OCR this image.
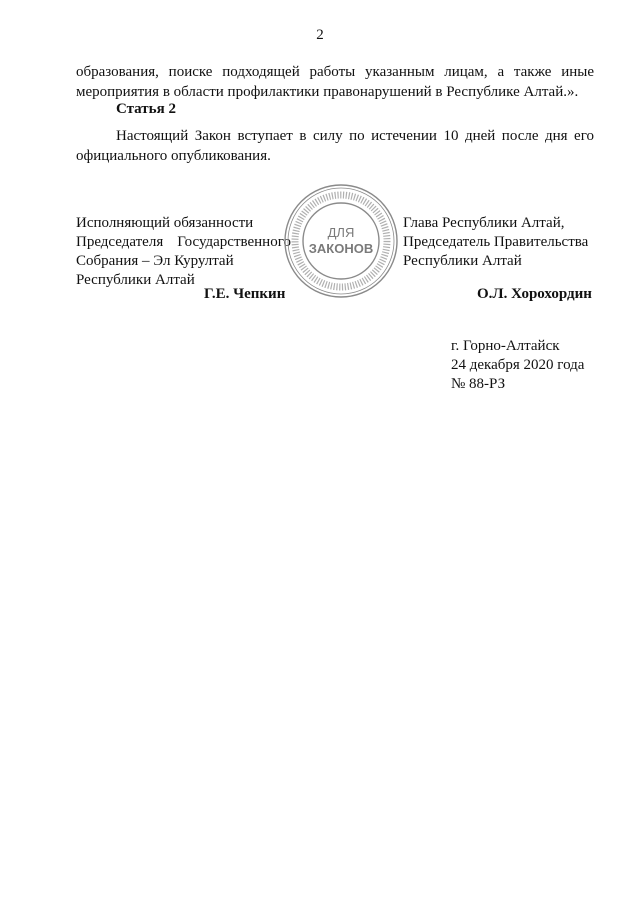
2
образования, поиске подходящей работы указанным лицам, а также иные
мероприятия в области профилактики правонарушений в Республике Алтай.».
Статья 2
Настоящий Закон вступает в силу по истечении 10 дней после дня его
официального опубликования.
Исполняющий обязанности
Председателя Государственного
Собрания – Эл Курултай
Республики Алтай
Г.Е. Чепкин
Глава Республики Алтай,
Председатель Правительства
Республики Алтай
О.Л. Хорохордин
ДЛЯ
ЗАКОНОВ
г. Горно-Алтайск
24 декабря 2020 года
№ 88-РЗ
